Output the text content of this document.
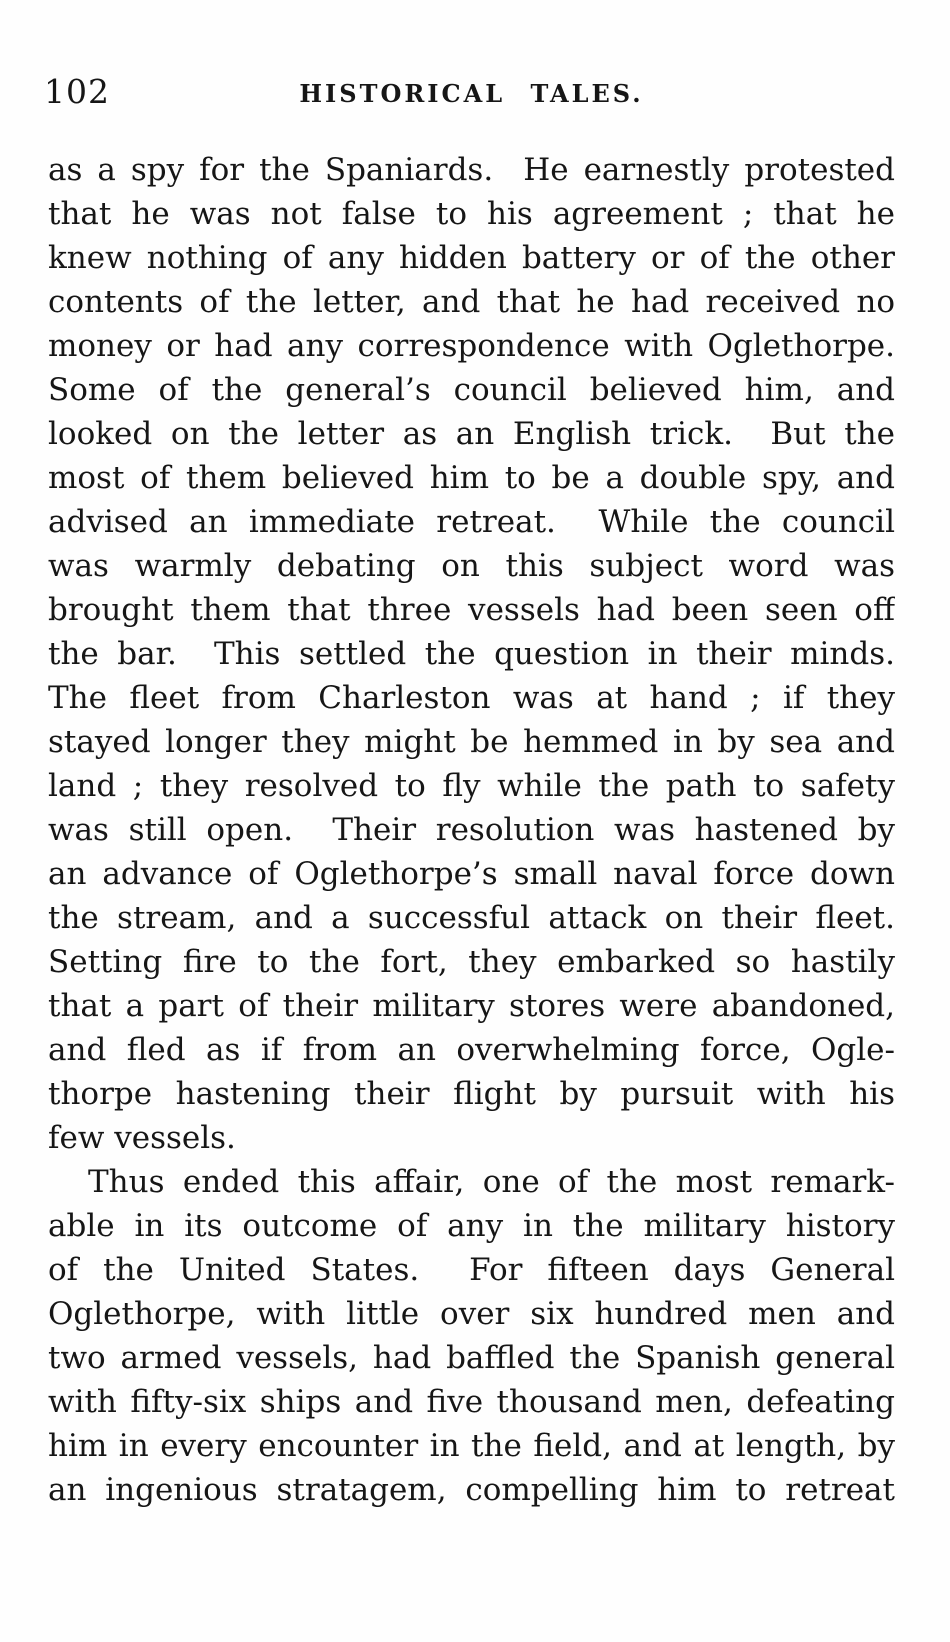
102	HISTORICAL TALES.
as a spy for the Spaniards.  He earnestly protested
that he was not false to his agreement ; that he
knew nothing of any hidden battery or of the other
contents of the letter, and that he had received no
money or had any correspondence with Oglethorpe.
Some of the general’s council believed him, and
looked on the letter as an English trick.  But the
most of them believed him to be a double spy, and
advised an immediate retreat.  While the council
was warmly debating on this subject word was
brought them that three vessels had been seen off
the bar.  This settled the question in their minds.
The fleet from Charleston was at hand ; if they
stayed longer they might be hemmed in by sea and
land ; they resolved to fly while the path to safety
was still open.  Their resolution was hastened by
an advance of Oglethorpe’s small naval force down
the stream, and a successful attack on their fleet.
Setting fire to the fort, they embarked so hastily
that a part of their military stores were abandoned,
and fled as if from an overwhelming force, Ogle-
thorpe hastening their flight by pursuit with his
few vessels.
Thus ended this affair, one of the most remark-
able in its outcome of any in the military history
of the United States.  For fifteen days General
Oglethorpe, with little over six hundred men and
two armed vessels, had baffled the Spanish general
with fifty-six ships and five thousand men, defeating
him in every encounter in the field, and at length, by
an ingenious stratagem, compelling him to retreat
